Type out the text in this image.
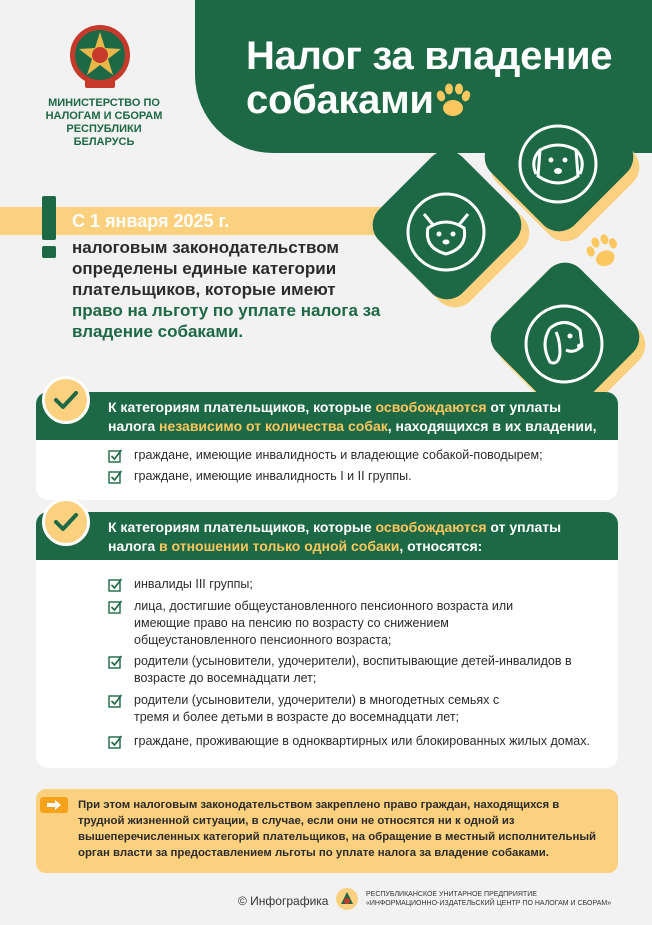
Налог за владение собаками
МИНИСТЕРСТВО ПО НАЛОГАМ И СБОРАМ РЕСПУБЛИКИ БЕЛАРУСЬ
С 1 января 2025 г.
налоговым законодательством определены единые категории плательщиков, которые имеют право на льготу по уплате налога за владение собаками.
К категориям плательщиков, которые освобождаются от уплаты налога независимо от количества собак, находящихся в их владении, относятся:
граждане, имеющие инвалидность и владеющие собакой-поводырем;
граждане, имеющие инвалидность I и II группы.
К категориям плательщиков, которые освобождаются от уплаты налога в отношении только одной собаки, относятся:
инвалиды III группы;
лица, достигшие общеустановленного пенсионного возраста или имеющие право на пенсию по возрасту со снижением общеустановленного пенсионного возраста;
родители (усыновители, удочерители), воспитывающие детей-инвалидов в возрасте до восемнадцати лет;
родители (усыновители, удочерители) в многодетных семьях с тремя и более детьми в возрасте до восемнадцати лет;
граждане, проживающие в одноквартирных или блокированных жилых домах.
При этом налоговым законодательством закреплено право граждан, находящихся в трудной жизненной ситуации, в случае, если они не относятся ни к одной из вышеперечисленных категорий плательщиков, на обращение в местный исполнительный орган власти за предоставлением льготы по уплате налога за владение собаками.
© Инфографика	РЕСПУБЛИКАНСКОЕ УНИТАРНОЕ ПРЕДПРИЯТИЕ
«ИНФОРМАЦИОННО-ИЗДАТЕЛЬСКИЙ ЦЕНТР ПО НАЛОГАМ И СБОРАМ»
